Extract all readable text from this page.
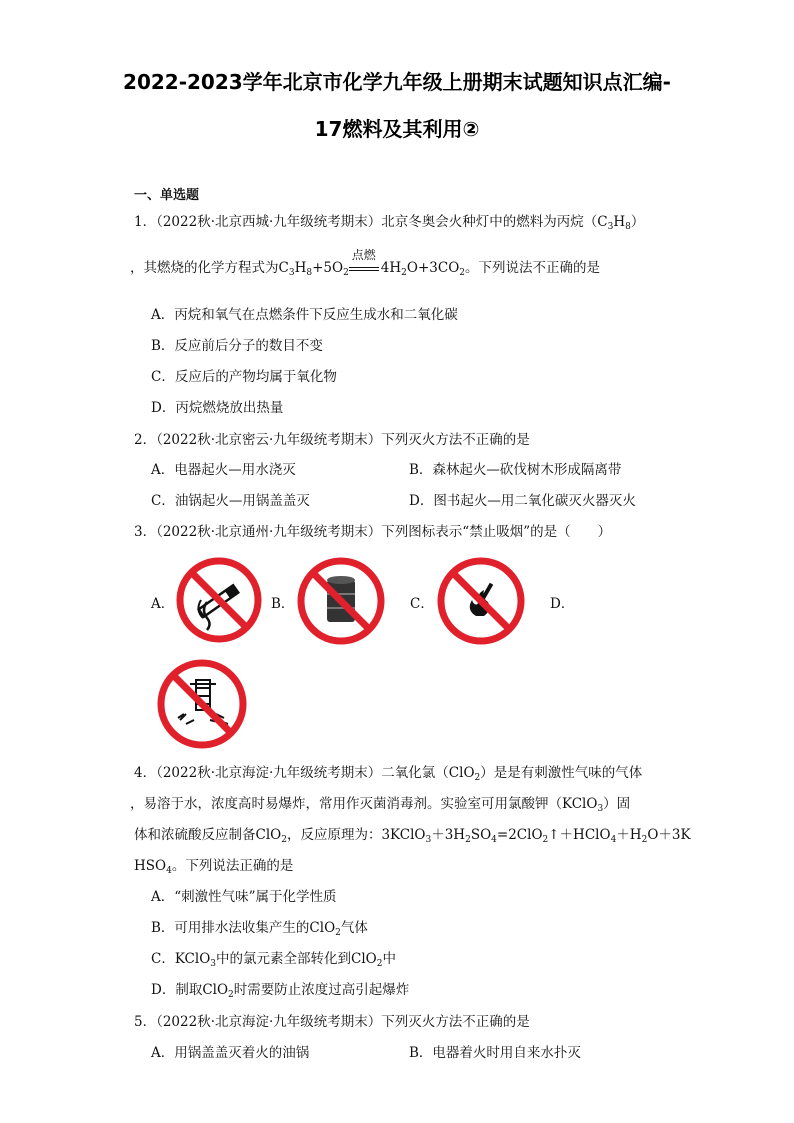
2022-2023学年北京市化学九年级上册期末试题知识点汇编-
17燃料及其利用②
一、单选题
1．（2022秋·北京西城·九年级统考期末）北京冬奥会火种灯中的燃料为丙烷$(C_3H_8)$
，其燃烧的化学方程式为$C_3H_8+5O_2$
点燃
$4H_2O+3CO_2$。下列说法不正确的是
A．丙烷和氧气在点燃条件下反应生成水和二氧化碳
B．反应前后分子的数目不变
C．反应后的产物均属于氧化物
D．丙烷燃烧放出热量
2．（2022秋·北京密云·九年级统考期末）下列灭火方法不正确的是
A．电器起火—用水浇灭	B．森林起火—砍伐树木形成隔离带
C．油锅起火—用锅盖盖灭	D．图书起火—用二氧化碳灭火器灭火
3．（2022秋·北京通州·九年级统考期末）下列图标表示“禁止吸烟”的是（　　）
A．	B．	C．	D．
4．（2022秋·北京海淀·九年级统考期末）二氧化氯（ClO$_2$）是是有刺激性气味的气体
，易溶于水，浓度高时易爆炸，常用作灭菌消毒剂。实验室可用氯酸钾（KClO$_3$）固
体和浓硫酸反应制备ClO$_2$，反应原理为：$3KClO_3+3H_2SO_4=2ClO_2↑+HClO_4+H_2O+3K$
$HSO_4$。下列说法正确的是
A．“刺激性气味”属于化学性质
B．可用排水法收集产生的ClO$_2$气体
C．KClO$_3$中的氯元素全部转化到ClO$_2$中
D．制取ClO$_2$时需要防止浓度过高引起爆炸
5．（2022秋·北京海淀·九年级统考期末）下列灭火方法不正确的是
A．用锅盖盖灭着火的油锅	B．电器着火时用自来水扑灭
